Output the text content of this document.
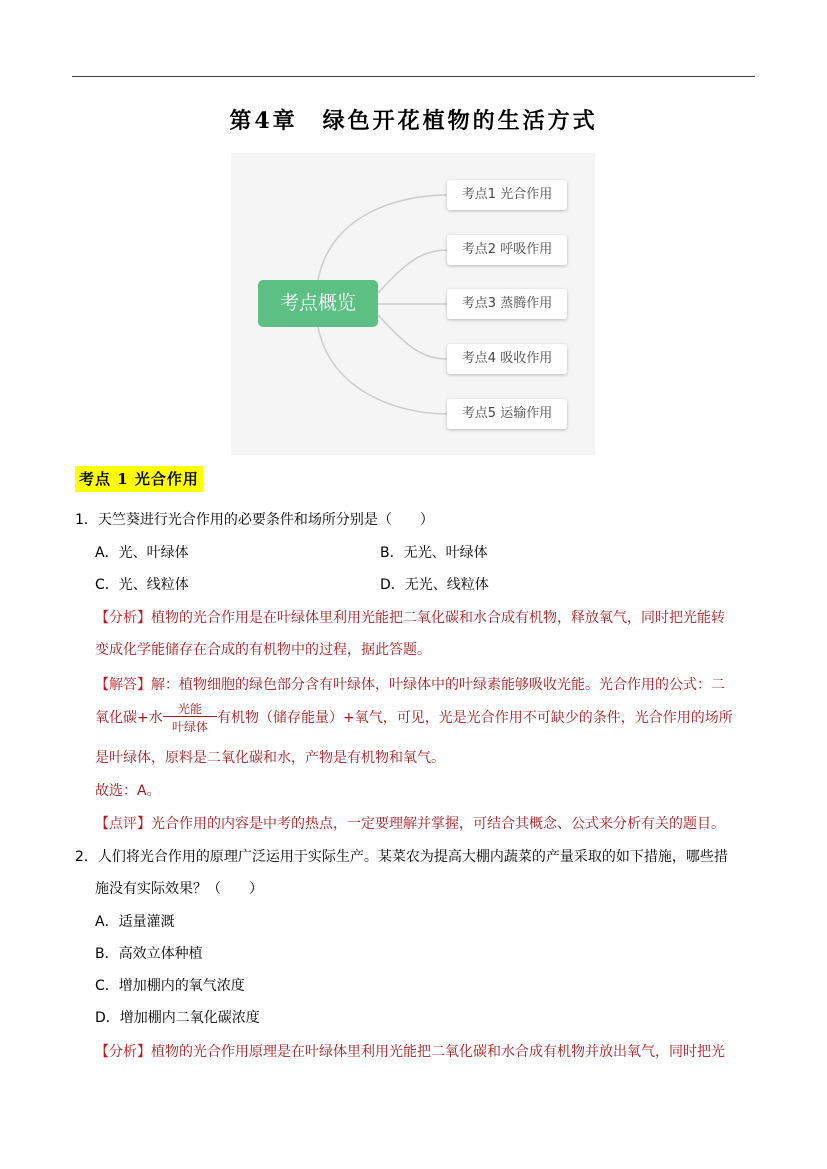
第4章　绿色开花植物的生活方式
考点概览
考点1 光合作用
考点2 呼吸作用
考点3 蒸腾作用
考点4 吸收作用
考点5 运输作用
考点 1 光合作用
1．天竺葵进行光合作用的必要条件和场所分别是（　　）
A．光、叶绿体	B．无光、叶绿体
C．光、线粒体	D．无光、线粒体
【分析】植物的光合作用是在叶绿体里利用光能把二氧化碳和水合成有机物，释放氧气，同时把光能转
变成化学能储存在合成的有机物中的过程，据此答题。
【解答】解：植物细胞的绿色部分含有叶绿体，叶绿体中的叶绿素能够吸收光能。光合作用的公式：二
氧化碳+水
光能
叶绿体
有机物（储存能量）+氧气，可见，光是光合作用不可缺少的条件，光合作用的场所
是叶绿体，原料是二氧化碳和水，产物是有机物和氧气。
故选：A。
【点评】光合作用的内容是中考的热点，一定要理解并掌握，可结合其概念、公式来分析有关的题目。
2．人们将光合作用的原理广泛运用于实际生产。某菜农为提高大棚内蔬菜的产量采取的如下措施，哪些措
施没有实际效果？（　　）
A．适量灌溉
B．高效立体种植
C．增加棚内的氧气浓度
D．增加棚内二氧化碳浓度
【分析】植物的光合作用原理是在叶绿体里利用光能把二氧化碳和水合成有机物并放出氧气，同时把光
